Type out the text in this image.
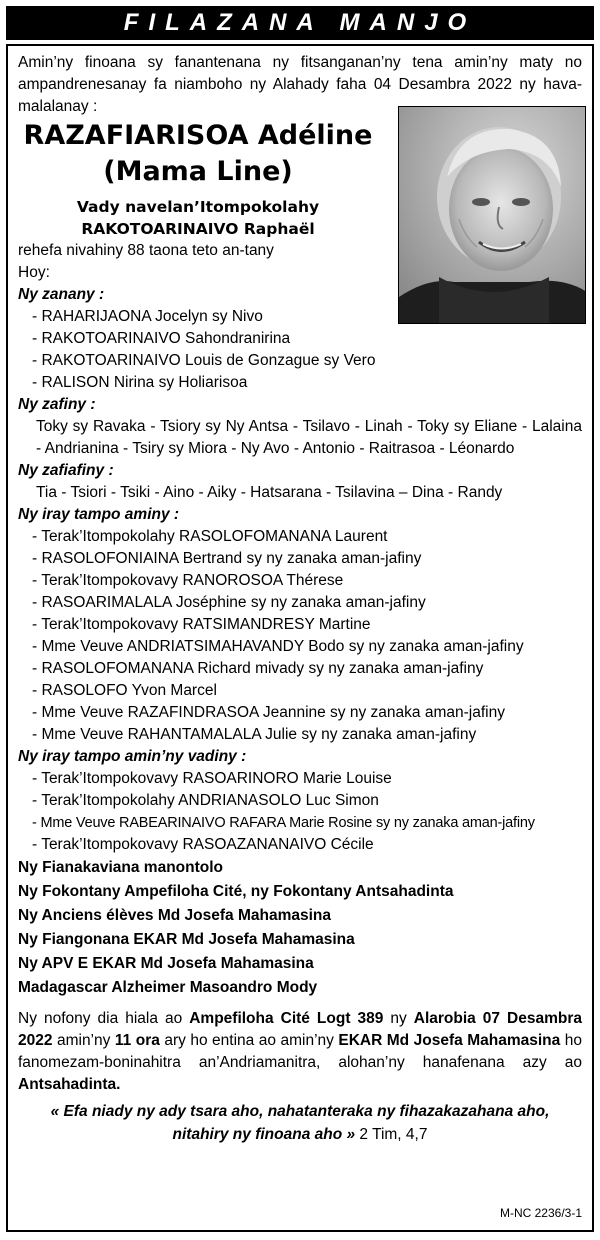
FILAZANA MANJO

Amin’ny finoana sy fanantenana ny fitsanganan’ny tena amin’ny maty no ampandrenesanay fa niamboho ny Alahady faha 04 Desambra 2022 ny hava-malalanay :

RAZAFIARISOA Adéline
(Mama Line)
Vady navelan’Itompokolahy
RAKOTOARINAIVO Raphaël
rehefa nivahiny 88 taona teto an-tany
Hoy:
Ny zanany :
- RAHARIJAONA Jocelyn sy Nivo
- RAKOTOARINAIVO Sahondranirina
- RAKOTOARINAIVO Louis de Gonzague sy Vero
- RALISON Nirina sy Holiarisoa
Ny zafiny :

Toky sy Ravaka - Tsiory sy Ny Antsa - Tsilavo - Linah - Toky sy Eliane - Lalaina - Andrianina - Tsiry sy Miora - Ny Avo - Antonio - Raitrasoa - Léonardo

Ny zafiafiny :

Tia - Tsiori - Tsiki - Aino - Aiky - Hatsarana - Tsilavina – Dina - Randy

Ny iray tampo aminy :
- Terak’Itompokolahy RASOLOFOMANANA Laurent
- RASOLOFONIAINA Bertrand sy ny zanaka aman-jafiny
- Terak’Itompokovavy RANOROSOA Thérese
- RASOARIMALALA Joséphine sy ny zanaka aman-jafiny
- Terak’Itompokovavy RATSIMANDRESY Martine
- Mme Veuve ANDRIATSIMAHAVANDY Bodo sy ny zanaka aman-jafiny
- RASOLOFOMANANA Richard mivady sy ny zanaka aman-jafiny
- RASOLOFO Yvon Marcel
- Mme Veuve RAZAFINDRASOA Jeannine sy ny zanaka aman-jafiny
- Mme Veuve RAHANTAMALALA Julie sy ny zanaka aman-jafiny
Ny iray tampo amin’ny vadiny :
- Terak’Itompokovavy RASOARINORO Marie Louise
- Terak’Itompokolahy ANDRIANASOLO Luc Simon
- Mme Veuve RABEARINAIVO RAFARA Marie Rosine sy ny zanaka aman-jafiny
- Terak’Itompokovavy RASOAZANANAIVO Cécile
Ny Fianakaviana manontolo
Ny Fokontany Ampefiloha Cité, ny Fokontany Antsahadinta
Ny Anciens élèves Md Josefa Mahamasina
Ny Fiangonana EKAR Md Josefa Mahamasina
Ny APV E EKAR Md Josefa Mahamasina
Madagascar Alzheimer Masoandro Mody

Ny nofony dia hiala ao Ampefiloha Cité Logt 389 ny Alarobia 07 Desambra 2022 amin’ny 11 ora ary ho entina ao amin’ny EKAR Md Josefa Mahamasina ho fanomezam-boninahitra an’Andriamanitra, alohan’ny hanafenana azy ao Antsahadinta.

« Efa niady ny ady tsara aho, nahatanteraka ny fihazakazahana aho,
nitahiry ny finoana aho » 2 Tim, 4,7
M-NC 2236/3-1
